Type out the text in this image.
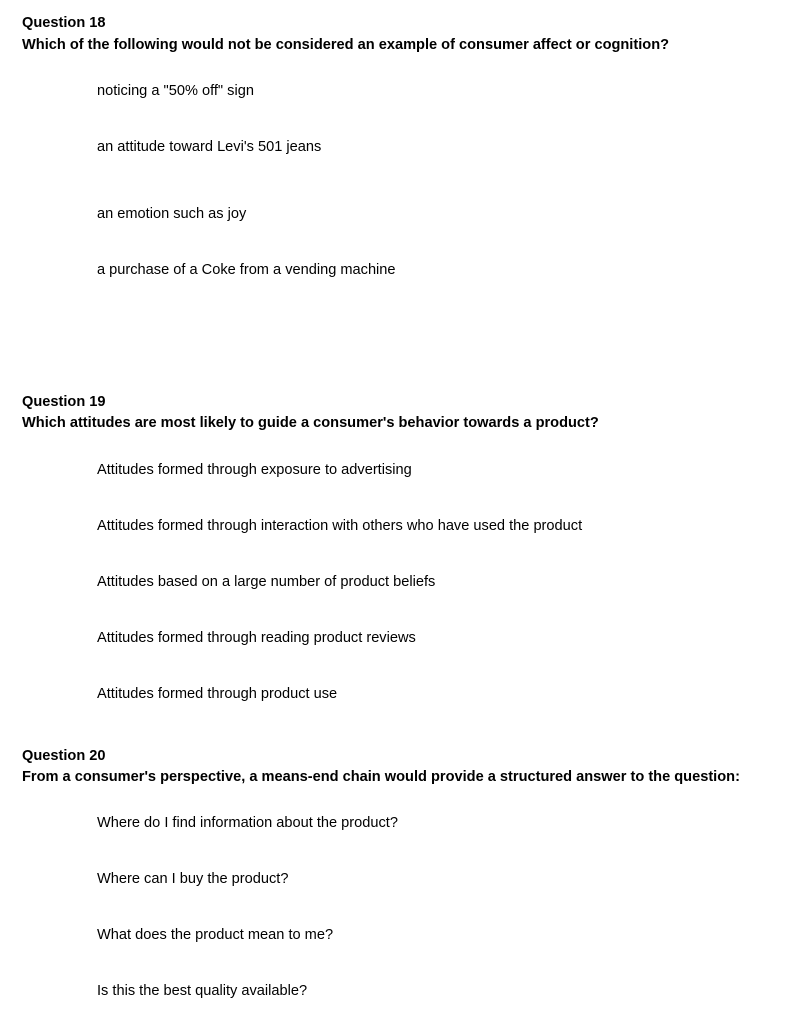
Question 18
Which of the following would not be considered an example of consumer affect or cognition?
noticing a "50% off" sign
an attitude toward Levi's 501 jeans
an emotion such as joy
a purchase of a Coke from a vending machine
Question 19
Which attitudes are most likely to guide a consumer's behavior towards a product?
Attitudes formed through exposure to advertising
Attitudes formed through interaction with others who have used the product
Attitudes based on a large number of product beliefs
Attitudes formed through reading product reviews
Attitudes formed through product use
Question 20
From a consumer's perspective, a means-end chain would provide a structured answer to the question:
Where do I find information about the product?
Where can I buy the product?
What does the product mean to me?
Is this the best quality available?
